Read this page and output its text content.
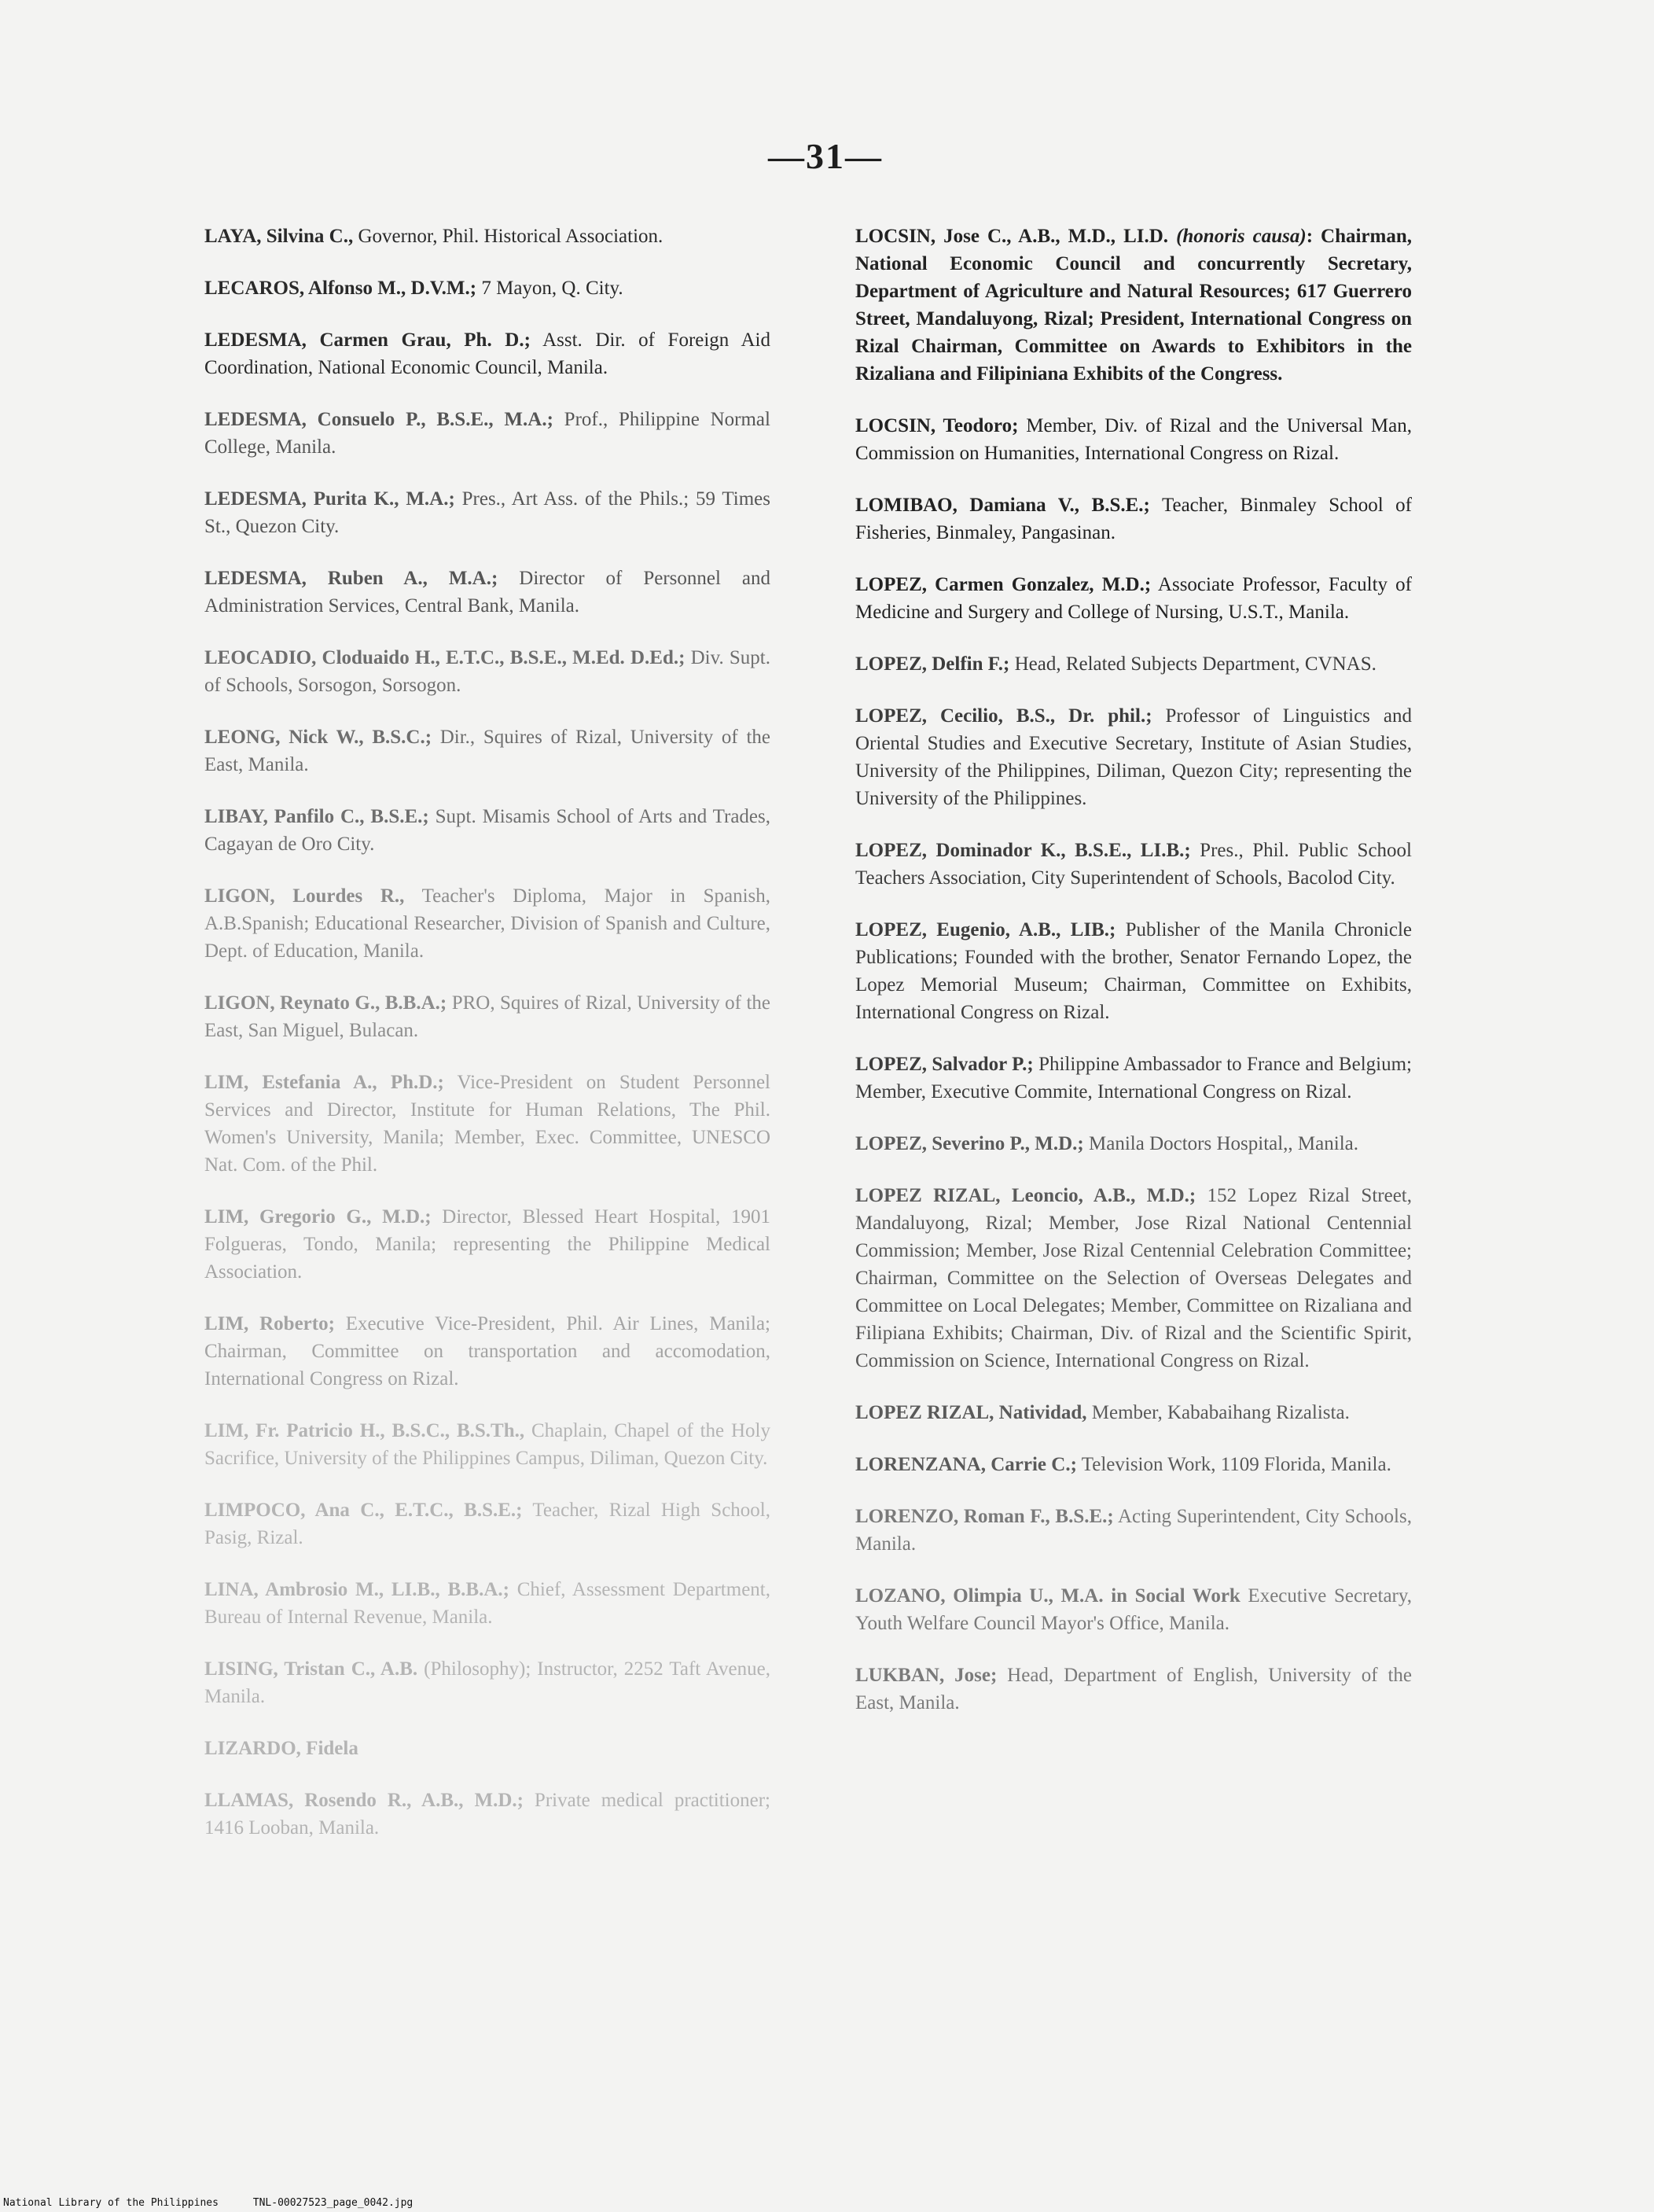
—31—

LAYA, Silvina C., Governor, Phil. Historical Association.

LECAROS, Alfonso M., D.V.M.; 7 Mayon, Q. City.

LEDESMA, Carmen Grau, Ph. D.; Asst. Dir. of Foreign Aid Coordination, National Economic Council, Manila.

LEDESMA, Consuelo P., B.S.E., M.A.; Prof., Philippine Normal College, Manila.

LEDESMA, Purita K., M.A.; Pres., Art Ass. of the Phils.; 59 Times St., Quezon City.

LEDESMA, Ruben A., M.A.; Director of Personnel and Administration Services, Central Bank, Manila.

LEOCADIO, Cloduaido H., E.T.C., B.S.E., M.Ed. D.Ed.; Div. Supt. of Schools, Sorsogon, Sorsogon.

LEONG, Nick W., B.S.C.; Dir., Squires of Rizal, University of the East, Manila.

LIBAY, Panfilo C., B.S.E.; Supt. Misamis School of Arts and Trades, Cagayan de Oro City.

LIGON, Lourdes R., Teacher's Diploma, Major in Spanish, A.B.Spanish; Educational Researcher, Division of Spanish and Culture, Dept. of Education, Manila.

LIGON, Reynato G., B.B.A.; PRO, Squires of Rizal, University of the East, San Miguel, Bulacan.

LIM, Estefania A., Ph.D.; Vice-President on Student Personnel Services and Director, Institute for Human Relations, The Phil. Women's University, Manila; Member, Exec. Committee, UNESCO Nat. Com. of the Phil.

LIM, Gregorio G., M.D.; Director, Blessed Heart Hospital, 1901 Folgueras, Tondo, Manila; representing the Philippine Medical Association.

LIM, Roberto; Executive Vice-President, Phil. Air Lines, Manila; Chairman, Committee on transportation and accomodation, International Congress on Rizal.

LIM, Fr. Patricio H., B.S.C., B.S.Th., Chaplain, Chapel of the Holy Sacrifice, University of the Philippines Campus, Diliman, Quezon City.

LIMPOCO, Ana C., E.T.C., B.S.E.; Teacher, Rizal High School, Pasig, Rizal.

LINA, Ambrosio M., LI.B., B.B.A.; Chief, Assessment Department, Bureau of Internal Revenue, Manila.

LISING, Tristan C., A.B. (Philosophy); Instructor, 2252 Taft Avenue, Manila.

LIZARDO, Fidela

LLAMAS, Rosendo R., A.B., M.D.; Private medical practitioner; 1416 Looban, Manila.

LOCSIN, Jose C., A.B., M.D., LI.D. (honoris causa): Chairman, National Economic Council and concurrently Secretary, Department of Agriculture and Natural Resources; 617 Guerrero Street, Mandaluyong, Rizal; President, International Congress on Rizal Chairman, Committee on Awards to Exhibitors in the Rizaliana and Filipiniana Exhibits of the Congress.

LOCSIN, Teodoro; Member, Div. of Rizal and the Universal Man, Commission on Humanities, International Congress on Rizal.

LOMIBAO, Damiana V., B.S.E.; Teacher, Binmaley School of Fisheries, Binmaley, Pangasinan.

LOPEZ, Carmen Gonzalez, M.D.; Associate Professor, Faculty of Medicine and Surgery and College of Nursing, U.S.T., Manila.

LOPEZ, Delfin F.; Head, Related Subjects Department, CVNAS.

LOPEZ, Cecilio, B.S., Dr. phil.; Professor of Linguistics and Oriental Studies and Executive Secretary, Institute of Asian Studies, University of the Philippines, Diliman, Quezon City; representing the University of the Philippines.

LOPEZ, Dominador K., B.S.E., LI.B.; Pres., Phil. Public School Teachers Association, City Superintendent of Schools, Bacolod City.

LOPEZ, Eugenio, A.B., LIB.; Publisher of the Manila Chronicle Publications; Founded with the brother, Senator Fernando Lopez, the Lopez Memorial Museum; Chairman, Committee on Exhibits, International Congress on Rizal.

LOPEZ, Salvador P.; Philippine Ambassador to France and Belgium; Member, Executive Commite, International Congress on Rizal.

LOPEZ, Severino P., M.D.; Manila Doctors Hospital,, Manila.

LOPEZ RIZAL, Leoncio, A.B., M.D.; 152 Lopez Rizal Street, Mandaluyong, Rizal; Member, Jose Rizal National Centennial Commission; Member, Jose Rizal Centennial Celebration Committee; Chairman, Committee on the Selection of Overseas Delegates and Committee on Local Delegates; Member, Committee on Rizaliana and Filipiana Exhibits; Chairman, Div. of Rizal and the Scientific Spirit, Commission on Science, International Congress on Rizal.

LOPEZ RIZAL, Natividad, Member, Kababaihang Rizalista.

LORENZANA, Carrie C.; Television Work, 1109 Florida, Manila.

LORENZO, Roman F., B.S.E.; Acting Superintendent, City Schools, Manila.

LOZANO, Olimpia U., M.A. in Social Work Executive Secretary, Youth Welfare Council Mayor's Office, Manila.

LUKBAN, Jose; Head, Department of English, University of the East, Manila.

National Library of the Philippines	TNL-00027523_page_0042.jpg
